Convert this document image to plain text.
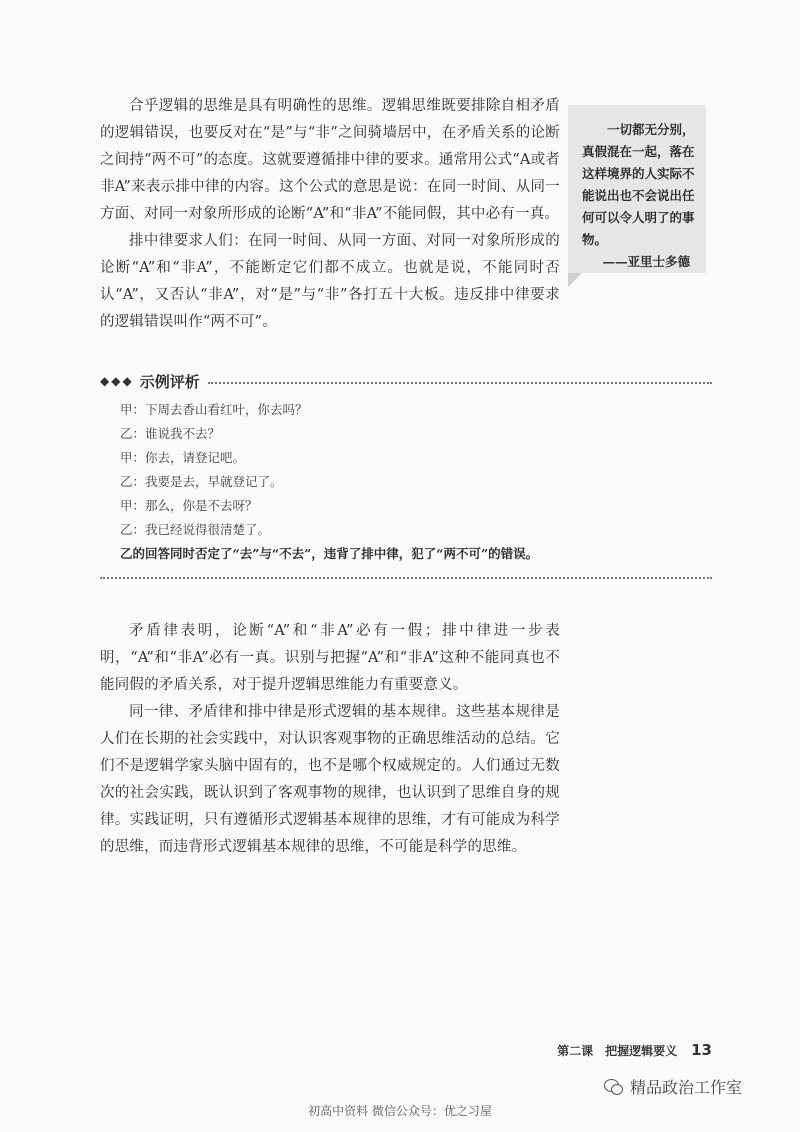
合乎逻辑的思维是具有明确性的思维。逻辑思维既要排除自相矛盾的逻辑错误，也要反对在“是”与“非”之间骑墙居中，在矛盾关系的论断之间持“两不可”的态度。这就要遵循排中律的要求。通常用公式“A或者非A”来表示排中律的内容。这个公式的意思是说：在同一时间、从同一方面、对同一对象所形成的论断“A”和“非A”不能同假，其中必有一真。

排中律要求人们：在同一时间、从同一方面、对同一对象所形成的论断“A”和“非A”，不能断定它们都不成立。也就是说，不能同时否认“A”，又否认“非A”，对“是”与“非”各打五十大板。违反排中律要求的逻辑错误叫作“两不可”。

一切都无分别，真假混在一起，落在这样境界的人实际不能说出也不会说出任何可以令人明了的事物。

——亚里士多德

◆◆◆ 示例评析

甲：下周去香山看红叶，你去吗？

乙：谁说我不去？

甲：你去，请登记吧。

乙：我要是去，早就登记了。

甲：那么，你是不去呀？

乙：我已经说得很清楚了。

乙的回答同时否定了“去”与“不去”，违背了排中律，犯了“两不可”的错误。

矛盾律表明，论断“A”和“非A”必有一假；排中律进一步表明，“A”和“非A”必有一真。识别与把握“A”和“非A”这种不能同真也不能同假的矛盾关系，对于提升逻辑思维能力有重要意义。

同一律、矛盾律和排中律是形式逻辑的基本规律。这些基本规律是人们在长期的社会实践中，对认识客观事物的正确思维活动的总结。它们不是逻辑学家头脑中固有的，也不是哪个权威规定的。人们通过无数次的社会实践，既认识到了客观事物的规律，也认识到了思维自身的规律。实践证明，只有遵循形式逻辑基本规律的思维，才有可能成为科学的思维，而违背形式逻辑基本规律的思维，不可能是科学的思维。

第二课　把握逻辑要义 13
精品政治工作室
初高中资料 微信公众号：优之习屋
